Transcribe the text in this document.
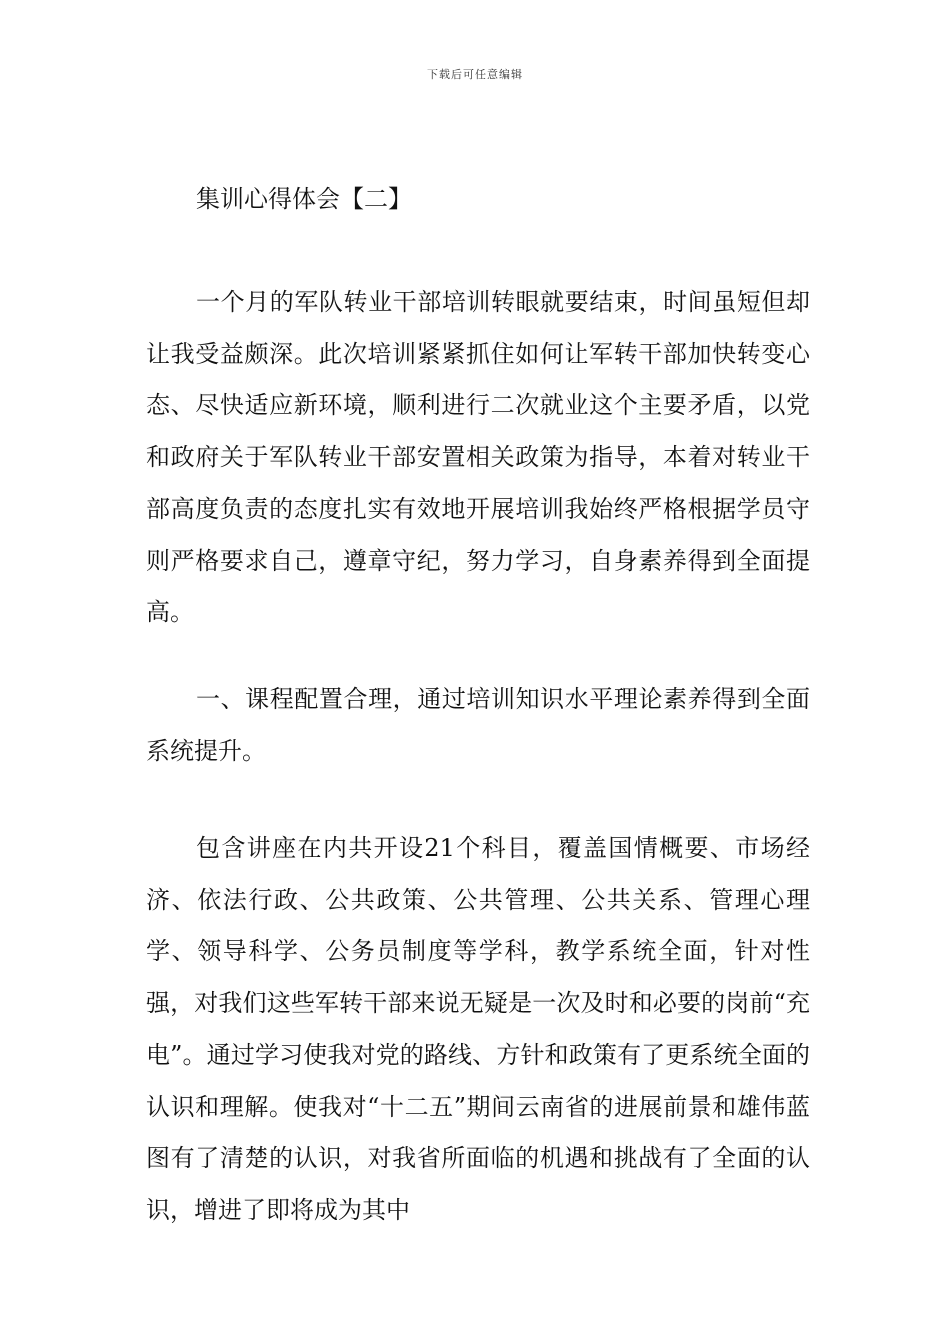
下载后可任意编辑
集训心得体会【二】

一个月的军队转业干部培训转眼就要结束，时间虽短但却让我受益颇深。此次培训紧紧抓住如何让军转干部加快转变心态、尽快适应新环境，顺利进行二次就业这个主要矛盾，以党和政府关于军队转业干部安置相关政策为指导，本着对转业干部高度负责的态度扎实有效地开展培训我始终严格根据学员守则严格要求自己，遵章守纪，努力学习，自身素养得到全面提高。

一、课程配置合理，通过培训知识水平理论素养得到全面系统提升。

包含讲座在内共开设21个科目，覆盖国情概要、市场经济、依法行政、公共政策、公共管理、公共关系、管理心理学、领导科学、公务员制度等学科，教学系统全面，针对性强，对我们这些军转干部来说无疑是一次及时和必要的岗前“充电”。通过学习使我对党的路线、方针和政策有了更系统全面的认识和理解。使我对“十二五”期间云南省的进展前景和雄伟蓝图有了清楚的认识，对我省所面临的机遇和挑战有了全面的认识，增进了即将成为其中
